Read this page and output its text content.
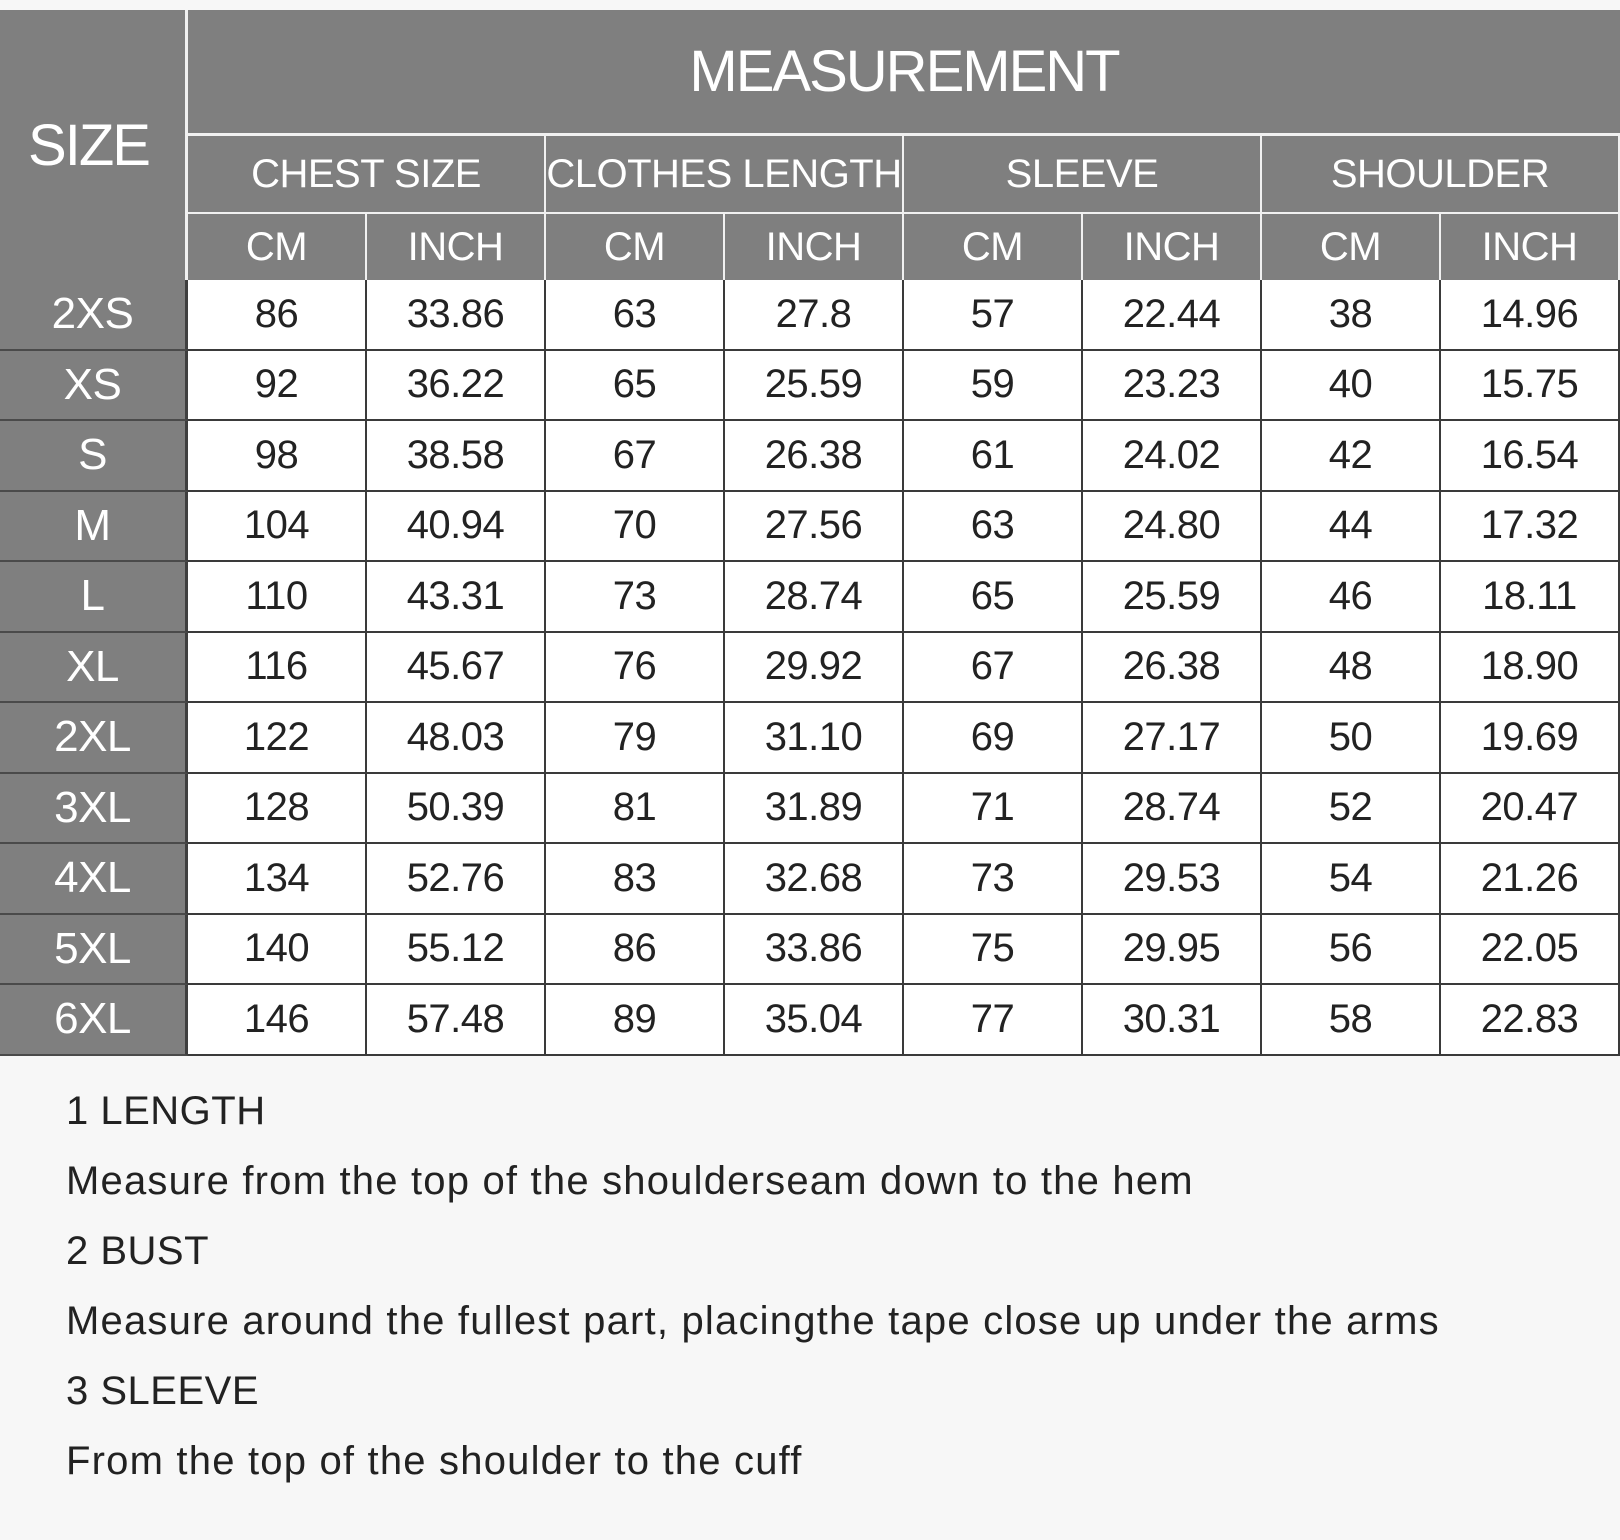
SIZE
MEASUREMENT
CHEST SIZE	CLOTHES LENGTH	SLEEVE	SHOULDER
CM	INCH	CM	INCH	CM	INCH	CM	INCH
2XS	86	33.86	63	27.8	57	22.44	38	14.96
XS	92	36.22	65	25.59	59	23.23	40	15.75
S	98	38.58	67	26.38	61	24.02	42	16.54
M	104	40.94	70	27.56	63	24.80	44	17.32
L	110	43.31	73	28.74	65	25.59	46	18.11
XL	116	45.67	76	29.92	67	26.38	48	18.90
2XL	122	48.03	79	31.10	69	27.17	50	19.69
3XL	128	50.39	81	31.89	71	28.74	52	20.47
4XL	134	52.76	83	32.68	73	29.53	54	21.26
5XL	140	55.12	86	33.86	75	29.95	56	22.05
6XL	146	57.48	89	35.04	77	30.31	58	22.83
1 LENGTH
Measure from the top of the shoulderseam down to the hem
2 BUST
Measure around the fullest part, placingthe tape close up under the arms
3 SLEEVE
From the top of the shoulder to the cuff
